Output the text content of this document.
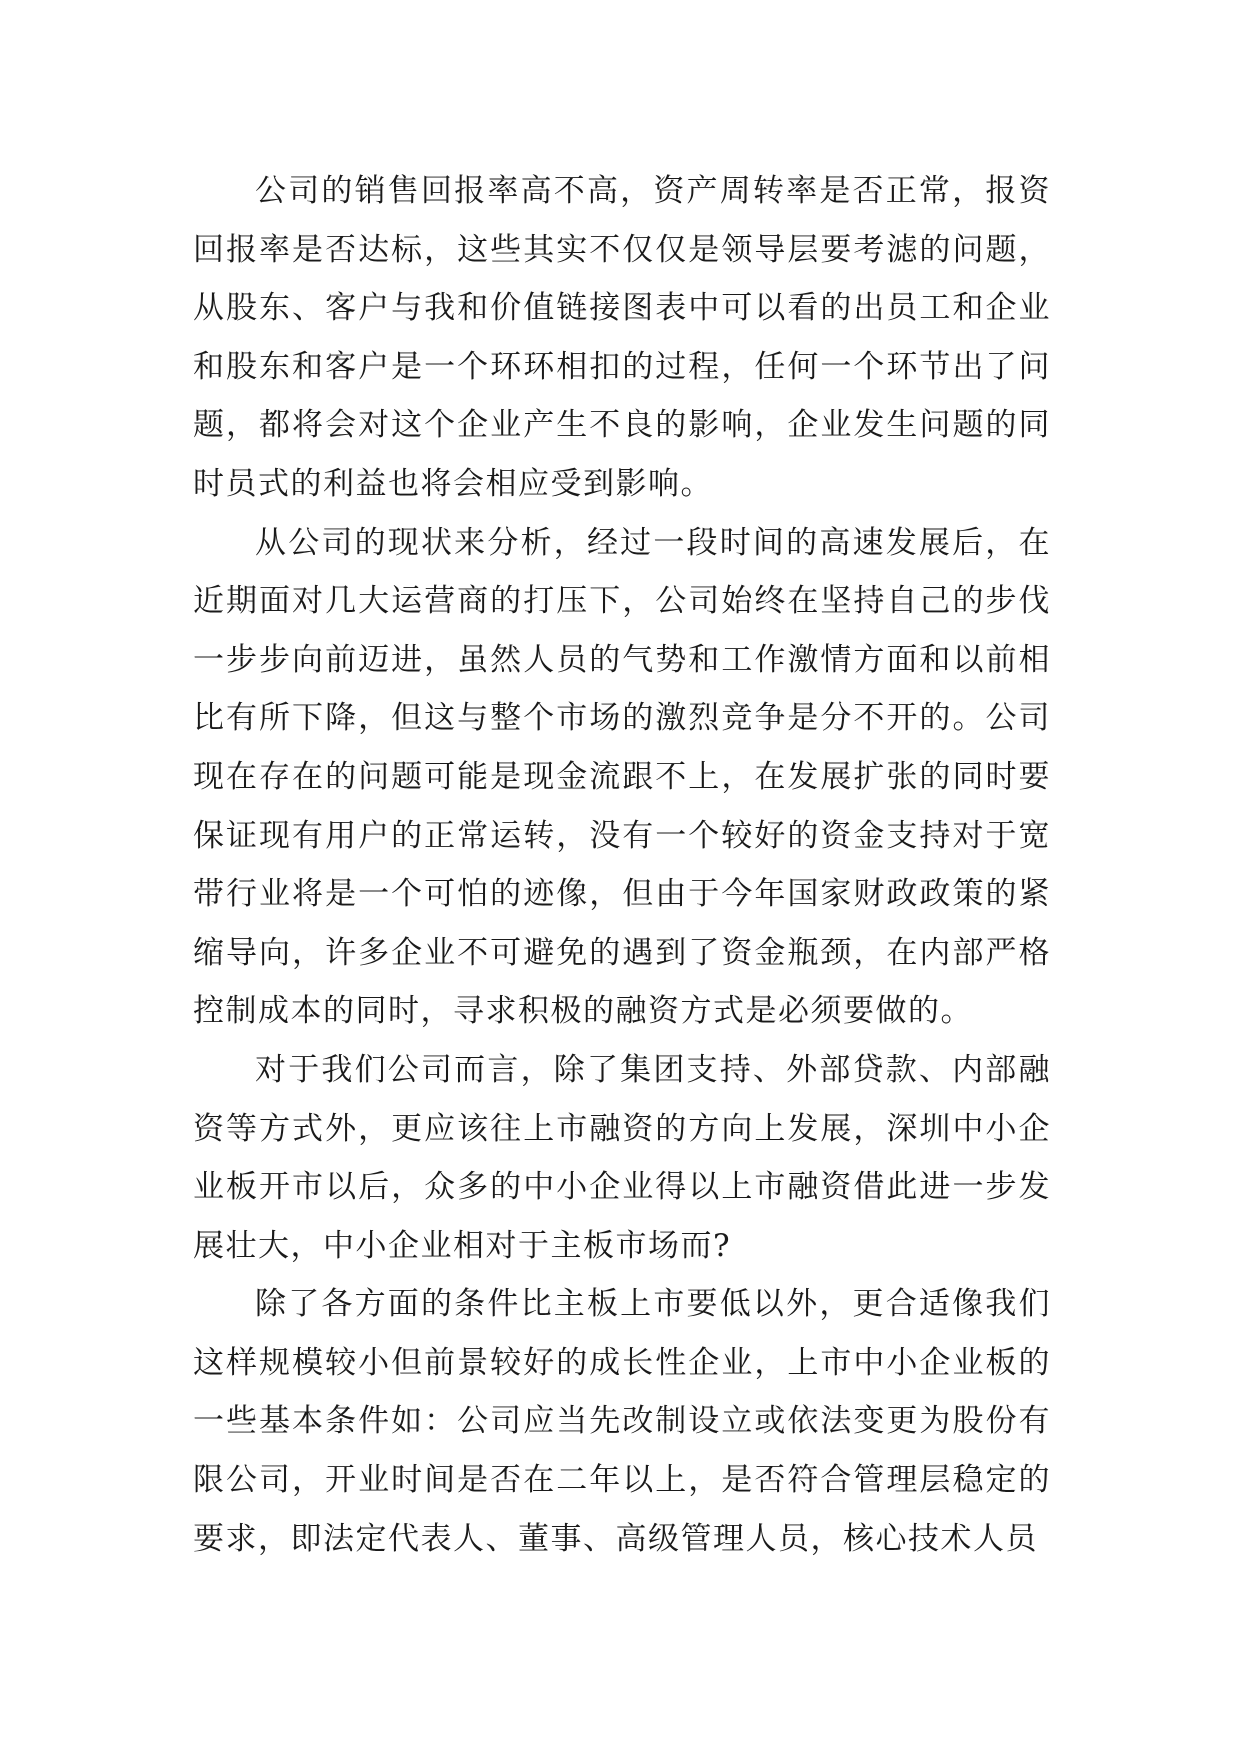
公司的销售回报率高不高，资产周转率是否正常，报资回报率是否达标，这些其实不仅仅是领导层要考滤的问题，从股东、客户与我和价值链接图表中可以看的出员工和企业和股东和客户是一个环环相扣的过程，任何一个环节出了问题，都将会对这个企业产生不良的影响，企业发生问题的同时员式的利益也将会相应受到影响。

从公司的现状来分析，经过一段时间的高速发展后，在近期面对几大运营商的打压下，公司始终在坚持自己的步伐一步步向前迈进，虽然人员的气势和工作激情方面和以前相比有所下降，但这与整个市场的激烈竞争是分不开的。公司现在存在的问题可能是现金流跟不上，在发展扩张的同时要保证现有用户的正常运转，没有一个较好的资金支持对于宽带行业将是一个可怕的迹像，但由于今年国家财政政策的紧缩导向，许多企业不可避免的遇到了资金瓶颈，在内部严格控制成本的同时，寻求积极的融资方式是必须要做的。

对于我们公司而言，除了集团支持、外部贷款、内部融资等方式外，更应该往上市融资的方向上发展，深圳中小企业板开市以后，众多的中小企业得以上市融资借此进一步发展壮大，中小企业相对于主板市场而?

除了各方面的条件比主板上市要低以外，更合适像我们这样规模较小但前景较好的成长性企业，上市中小企业板的一些基本条件如：公司应当先改制设立或依法变更为股份有限公司，开业时间是否在二年以上，是否符合管理层稳定的要求，即法定代表人、董事、高级管理人员，核心技术人员
